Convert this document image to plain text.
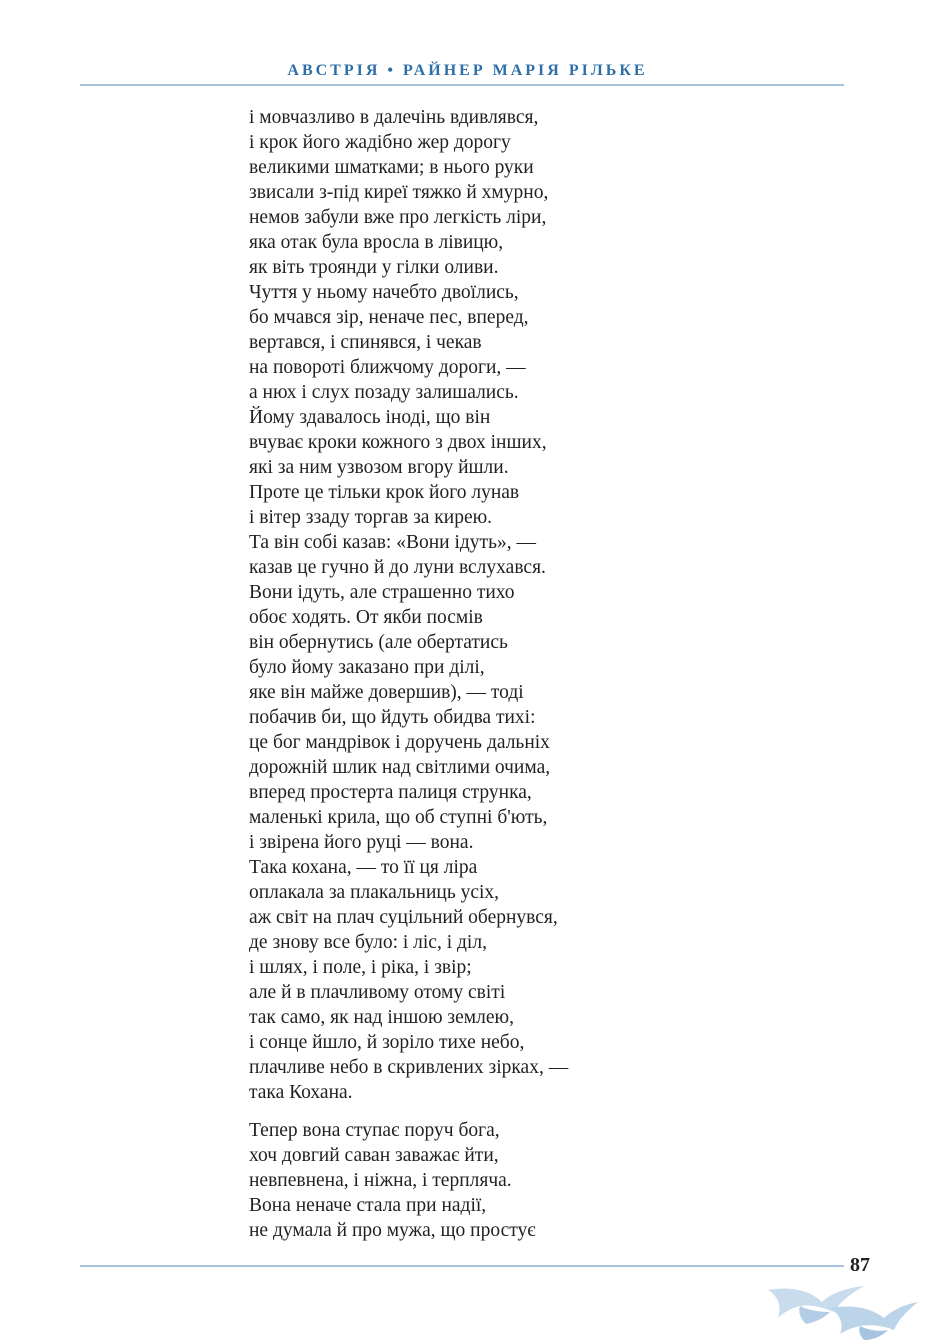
АВСТРІЯ • РАЙНЕР МАРІЯ РІЛЬКЕ
і мовчазливо в далечінь вдивлявся,
і крок його жадібно жер дорогу
великими шматками; в нього руки
звисали з-під киреї тяжко й хмурно,
немов забули вже про легкість ліри,
яка отак була вросла в лівицю,
як віть троянди у гілки оливи.
Чуття у ньому начебто двоїлись,
бо мчався зір, неначе пес, вперед,
вертався, і спинявся, і чекав
на повороті ближчому дороги, —
а нюх і слух позаду залишались.
Йому здавалось іноді, що він
вчуває кроки кожного з двох інших,
які за ним узвозом вгору йшли.
Проте це тільки крок його лунав
і вітер ззаду торгав за кирею.
Та він собі казав: «Вони ідуть», —
казав це гучно й до луни вслухався.
Вони ідуть, але страшенно тихо
обоє ходять. От якби посмів
він обернутись (але обертатись
було йому заказано при ділі,
яке він майже довершив), — тоді
побачив би, що йдуть обидва тихі:
це бог мандрівок і доручень дальніх
дорожній шлик над світлими очима,
вперед простерта палиця струнка,
маленькі крила, що об ступні б'ють,
і звірена його руці — вона.
Така кохана, — то її ця ліра
оплакала за плакальниць усіх,
аж світ на плач суцільний обернувся,
де знову все було: і ліс, і діл,
і шлях, і поле, і ріка, і звір;
але й в плачливому отому світі
так само, як над іншою землею,
і сонце йшло, й зоріло тихе небо,
плачливе небо в скривлених зірках, —
така Кохана.
Тепер вона ступає поруч бога,
хоч довгий саван заважає йти,
невпевнена, і ніжна, і терпляча.
Вона неначе стала при надії,
не думала й про мужа, що простує
87
